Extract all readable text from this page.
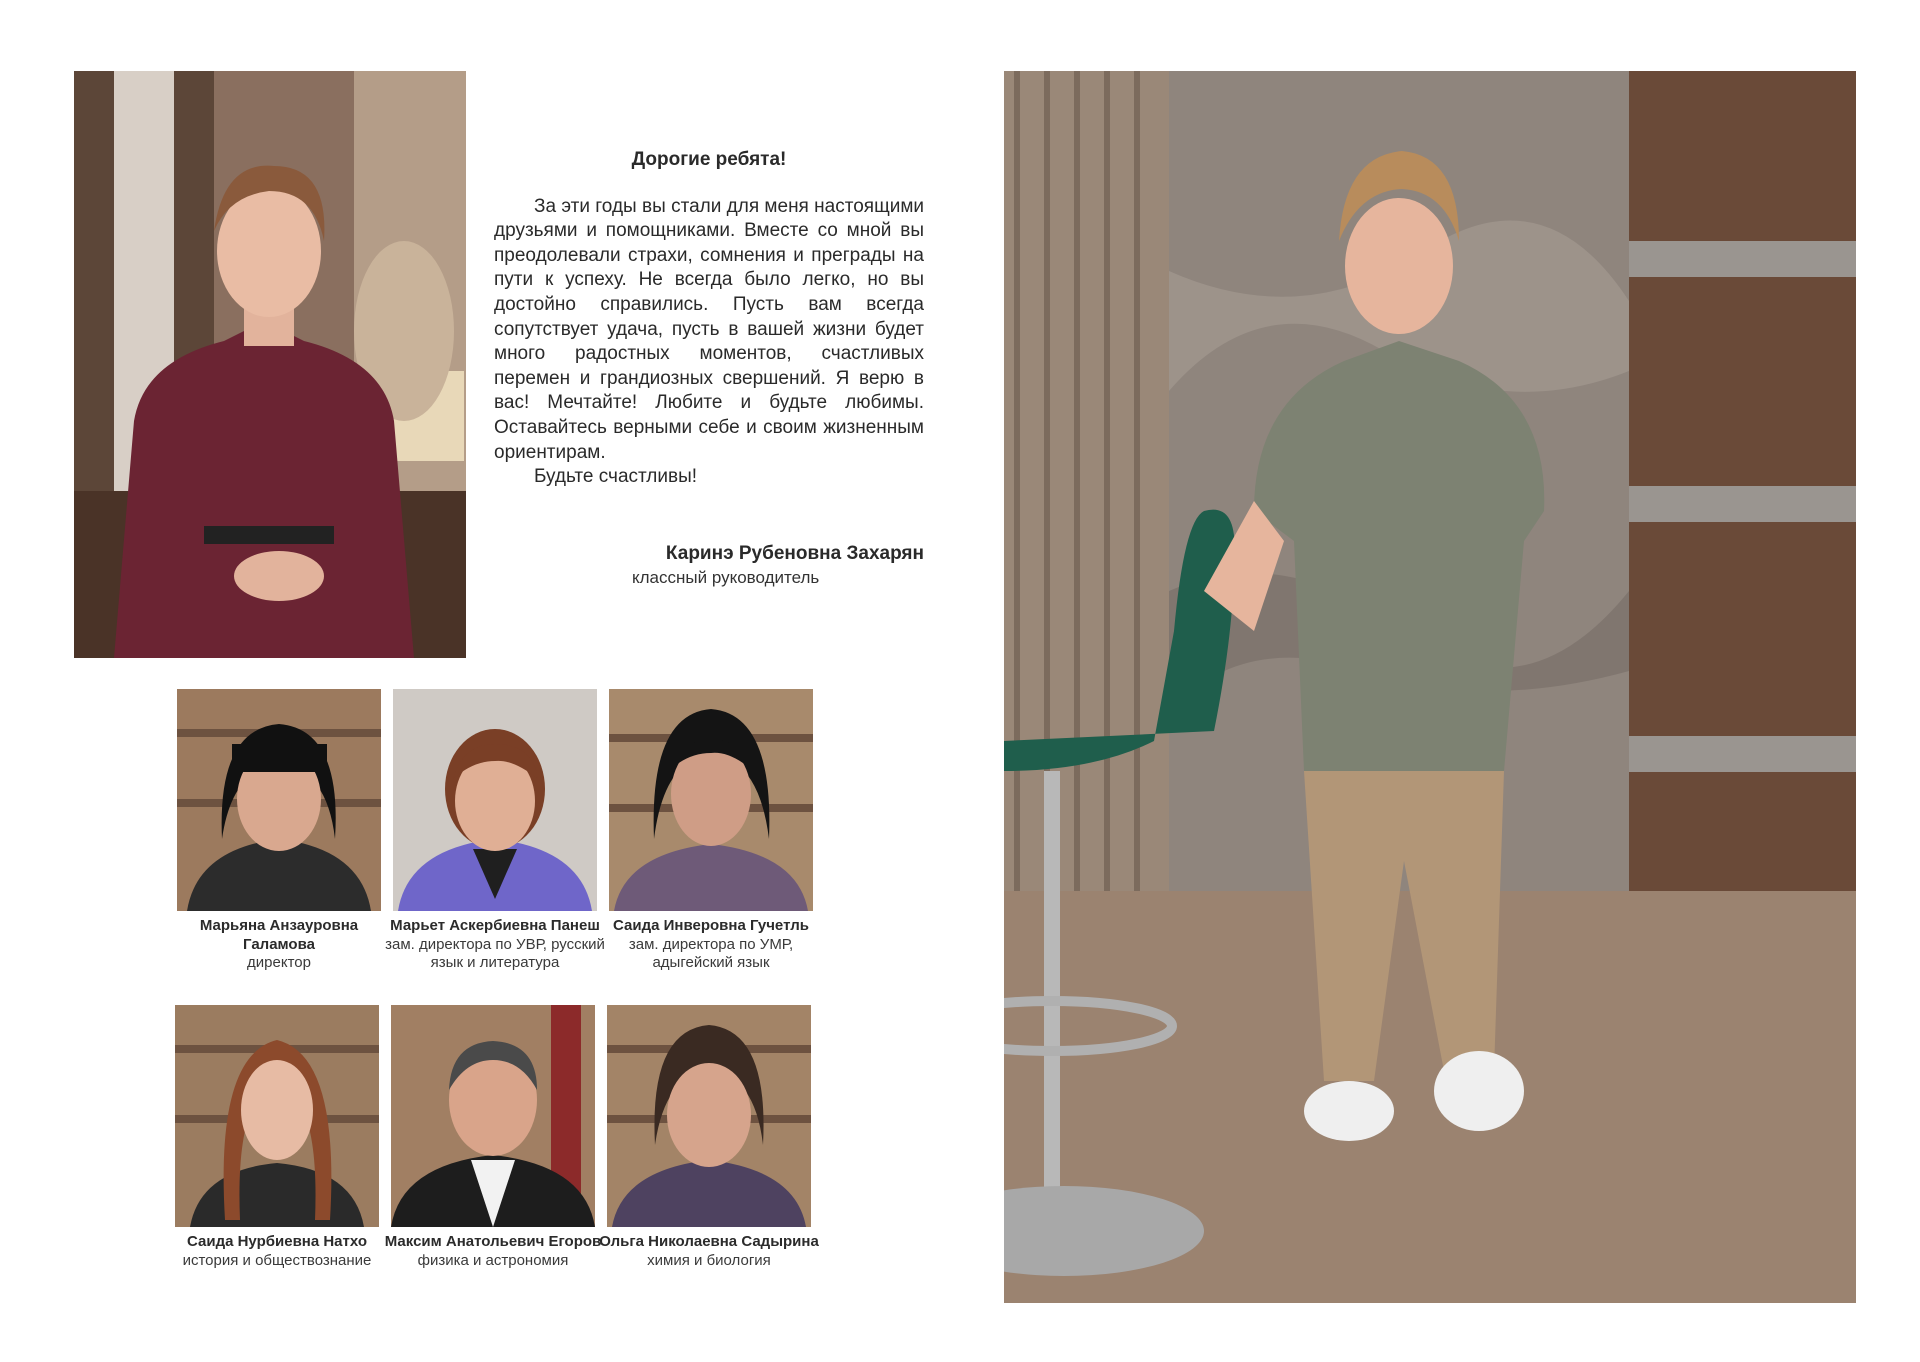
Дорогие ребята!

За эти годы вы стали для меня настоящими друзьями и помощниками. Вместе со мной вы преодолевали страхи, сомнения и преграды на пути к успеху. Не всегда было легко, но вы достойно справились. Пусть вам всегда сопутствует удача, пусть в вашей жизни будет много радостных моментов, счастливых перемен и грандиозных свершений. Я верю в вас! Мечтайте! Любите и будьте любимы. Оставайтесь верными себе и своим жизненным ориентирам.

Будьте счастливы!

Каринэ Рубеновна Захарян
классный руководитель
Марьяна Анзауровна Галамова
директор
Марьет Аскербиевна Панеш
зам. директора по УВР, русский язык и литература
Саида Инверовна Гучетль
зам. директора по УМР, адыгейский язык
Саида Нурбиевна Натхо
история и обществознание
Максим Анатольевич Егоров
физика и астрономия
Ольга Николаевна Садырина
химия и биология
